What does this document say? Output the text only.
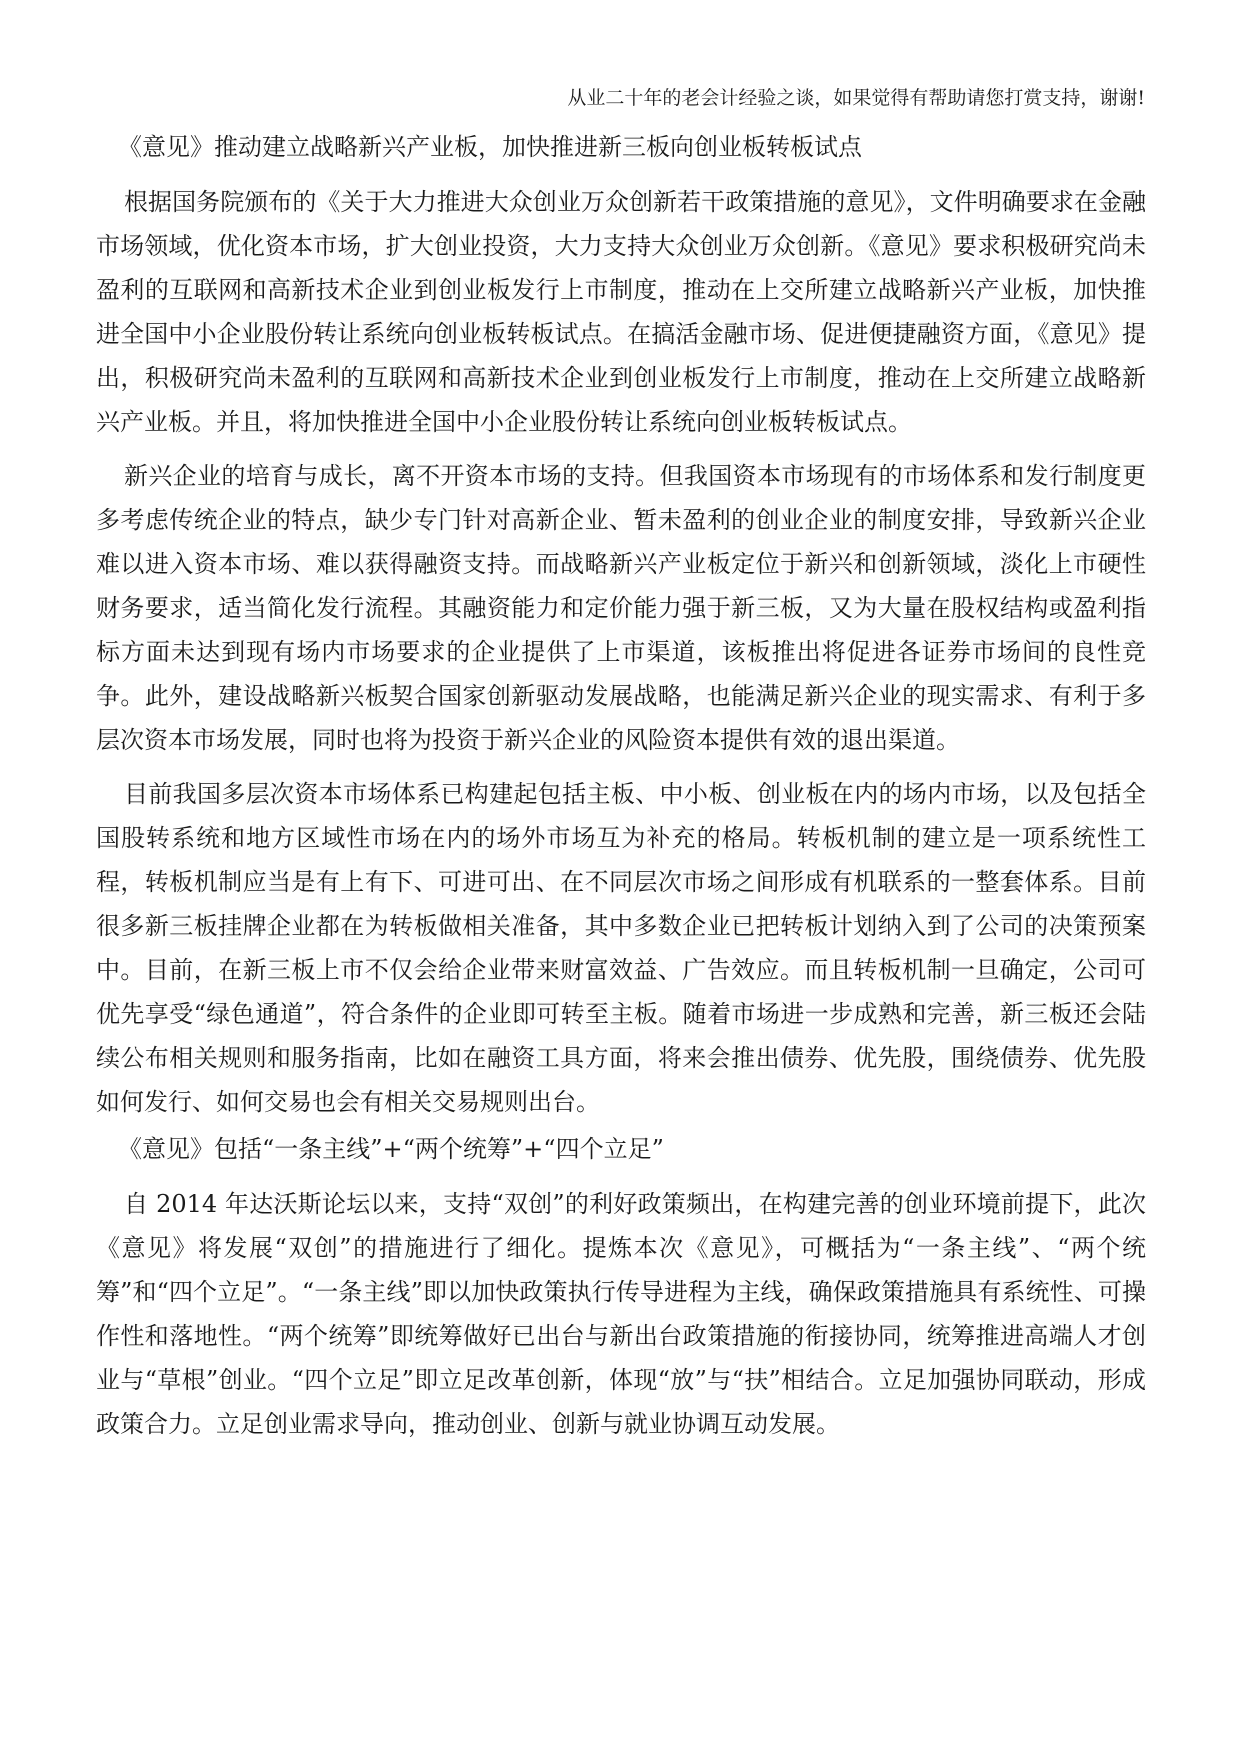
从业二十年的老会计经验之谈，如果觉得有帮助请您打赏支持，谢谢!
《意见》推动建立战略新兴产业板，加快推进新三板向创业板转板试点

根据国务院颁布的《关于大力推进大众创业万众创新若干政策措施的意见》，文件明确要求在金融市场领域，优化资本市场，扩大创业投资，大力支持大众创业万众创新。《意见》要求积极研究尚未盈利的互联网和高新技术企业到创业板发行上市制度，推动在上交所建立战略新兴产业板，加快推进全国中小企业股份转让系统向创业板转板试点。在搞活金融市场、促进便捷融资方面，《意见》提出，积极研究尚未盈利的互联网和高新技术企业到创业板发行上市制度，推动在上交所建立战略新兴产业板。并且，将加快推进全国中小企业股份转让系统向创业板转板试点。

新兴企业的培育与成长，离不开资本市场的支持。但我国资本市场现有的市场体系和发行制度更多考虑传统企业的特点，缺少专门针对高新企业、暂未盈利的创业企业的制度安排，导致新兴企业难以进入资本市场、难以获得融资支持。而战略新兴产业板定位于新兴和创新领域，淡化上市硬性财务要求，适当简化发行流程。其融资能力和定价能力强于新三板，又为大量在股权结构或盈利指标方面未达到现有场内市场要求的企业提供了上市渠道，该板推出将促进各证券市场间的良性竞争。此外，建设战略新兴板契合国家创新驱动发展战略，也能满足新兴企业的现实需求、有利于多层次资本市场发展，同时也将为投资于新兴企业的风险资本提供有效的退出渠道。

目前我国多层次资本市场体系已构建起包括主板、中小板、创业板在内的场内市场，以及包括全国股转系统和地方区域性市场在内的场外市场互为补充的格局。转板机制的建立是一项系统性工程，转板机制应当是有上有下、可进可出、在不同层次市场之间形成有机联系的一整套体系。目前很多新三板挂牌企业都在为转板做相关准备，其中多数企业已把转板计划纳入到了公司的决策预案中。目前，在新三板上市不仅会给企业带来财富效益、广告效应。而且转板机制一旦确定，公司可优先享受“绿色通道”，符合条件的企业即可转至主板。随着市场进一步成熟和完善，新三板还会陆续公布相关规则和服务指南，比如在融资工具方面，将来会推出债券、优先股，围绕债券、优先股如何发行、如何交易也会有相关交易规则出台。

《意见》包括“一条主线”+“两个统筹”+“四个立足”

自 2014 年达沃斯论坛以来，支持“双创”的利好政策频出，在构建完善的创业环境前提下，此次《意见》将发展“双创”的措施进行了细化。提炼本次《意见》，可概括为“一条主线”、“两个统筹”和“四个立足”。“一条主线”即以加快政策执行传导进程为主线，确保政策措施具有系统性、可操作性和落地性。“两个统筹”即统筹做好已出台与新出台政策措施的衔接协同，统筹推进高端人才创业与“草根”创业。“四个立足”即立足改革创新，体现“放”与“扶”相结合。立足加强协同联动，形成政策合力。立足创业需求导向，推动创业、创新与就业协调互动发展。
